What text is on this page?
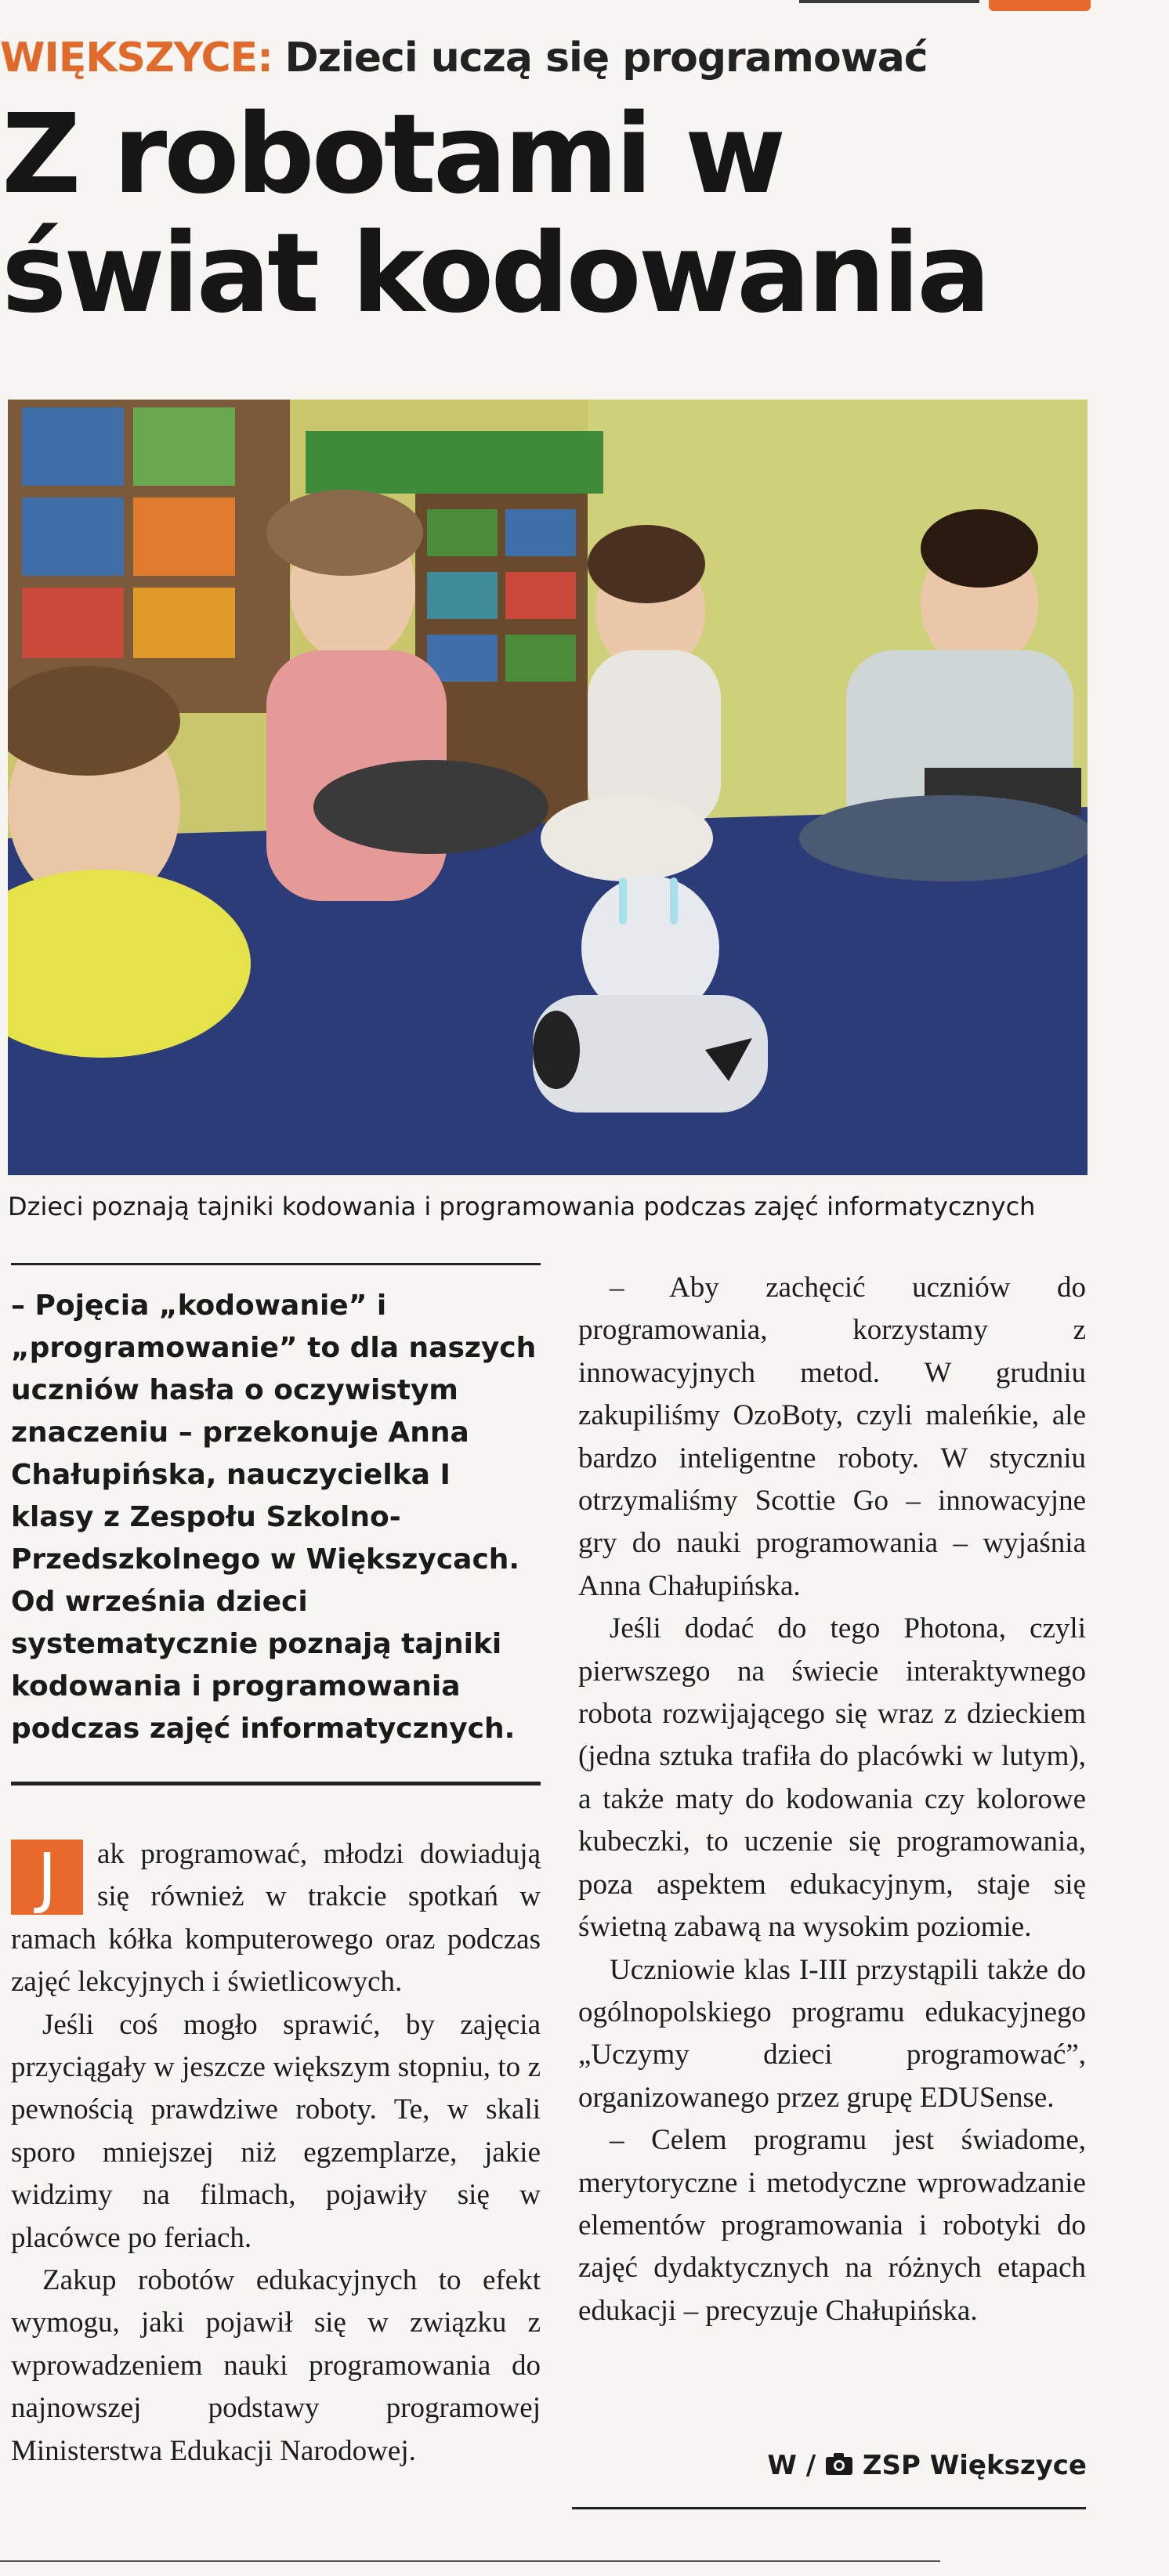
WIĘKSZYCE: Dzieci uczą się programować
Z robotami w świat kodowania
Dzieci poznają tajniki kodowania i programowania podczas zajęć informatycznych
– Pojęcia „kodowanie” i „programowanie” to dla naszych uczniów hasła o oczywistym znaczeniu – przekonuje Anna Chałupińska, nauczycielka I klasy z Zespołu Szkolno-Przedszkolnego w Większycach. Od września dzieci systematycznie poznają tajniki kodowania i programowania podczas zajęć informatycznych.

J	ak programować, młodzi dowiadują się również w trakcie spotkań w ramach kółka komputerowego oraz podczas zajęć lekcyjnych i świetlicowych.

Jeśli coś mogło sprawić, by zajęcia przyciągały w jeszcze większym stopniu, to z pewnością prawdziwe roboty. Te, w skali sporo mniejszej niż egzemplarze, jakie widzimy na filmach, pojawiły się w placówce po feriach.

Zakup robotów edukacyjnych to efekt wymogu, jaki pojawił się w związku z wprowadzeniem nauki programowania do najnowszej podstawy programowej Ministerstwa Edukacji Narodowej.

– Aby zachęcić uczniów do programowania, korzystamy z innowacyjnych metod. W grudniu zakupiliśmy OzoBoty, czyli maleńkie, ale bardzo inteligentne roboty. W styczniu otrzymaliśmy Scottie Go – innowacyjne gry do nauki programowania – wyjaśnia Anna Chałupińska.

Jeśli dodać do tego Photona, czyli pierwszego na świecie interaktywnego robota rozwijającego się wraz z dzieckiem (jedna sztuka trafiła do placówki w lutym), a także maty do kodowania czy kolorowe kubeczki, to uczenie się programowania, poza aspektem edukacyjnym, staje się świetną zabawą na wysokim poziomie.

Uczniowie klas I-III przystąpili także do ogólnopolskiego programu edukacyjnego „Uczymy dzieci programować”, organizowanego przez grupę EDUSense.

– Celem programu jest świadome, merytoryczne i metodyczne wprowadzanie elementów programowania i robotyki do zajęć dydaktycznych na różnych etapach edukacji – precyzuje Chałupińska.

W / ZSP Większyce
